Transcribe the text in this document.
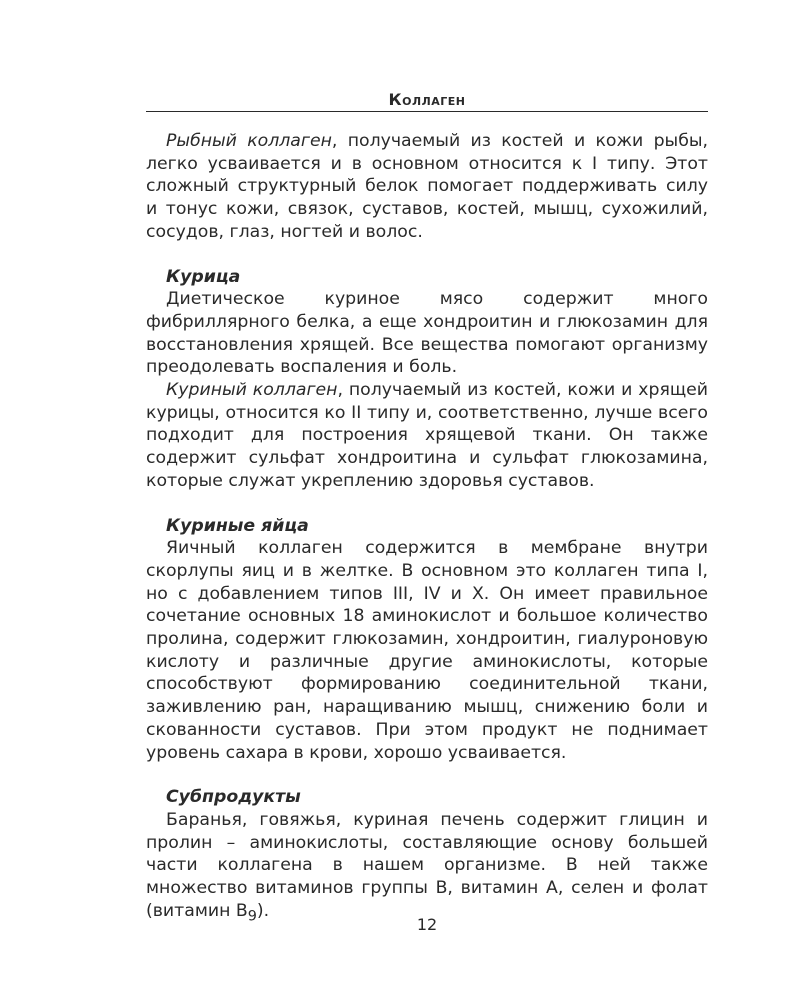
Коллаген

Рыбный коллаген, получаемый из костей и кожи рыбы, легко усваивается и в основном относится к I типу. Этот сложный структурный белок помогает поддерживать силу и тонус кожи, связок, суставов, костей, мышц, сухожилий, сосудов, глаз, ногтей и волос.

Курица

Диетическое куриное мясо содержит много фибриллярного белка, а еще хондроитин и глюкозамин для восстановления хрящей. Все вещества помогают организму преодолевать воспаления и боль.

Куриный коллаген, получаемый из костей, кожи и хрящей курицы, относится ко II типу и, соответственно, лучше всего подходит для построения хрящевой ткани. Он также содержит сульфат хондроитина и сульфат глюкозамина, которые служат укреплению здоровья суставов.

Куриные яйца

Яичный коллаген содержится в мембране внутри скорлупы яиц и в желтке. В основном это коллаген типа I, но с добавлением типов III, IV и X. Он имеет правильное сочетание основных 18 аминокислот и большое количество пролина, содержит глюкозамин, хондроитин, гиалуроновую кислоту и различные другие аминокислоты, которые способствуют формированию соединительной ткани, заживлению ран, наращиванию мышц, снижению боли и скованности суставов. При этом продукт не поднимает уровень сахара в крови, хорошо усваивается.

Субпродукты

Баранья, говяжья, куриная печень содержит глицин и пролин – аминокислоты, составляющие основу большей части коллагена в нашем организме. В ней также множество витаминов группы В, витамин А, селен и фолат (витамин $В_9$).

12
